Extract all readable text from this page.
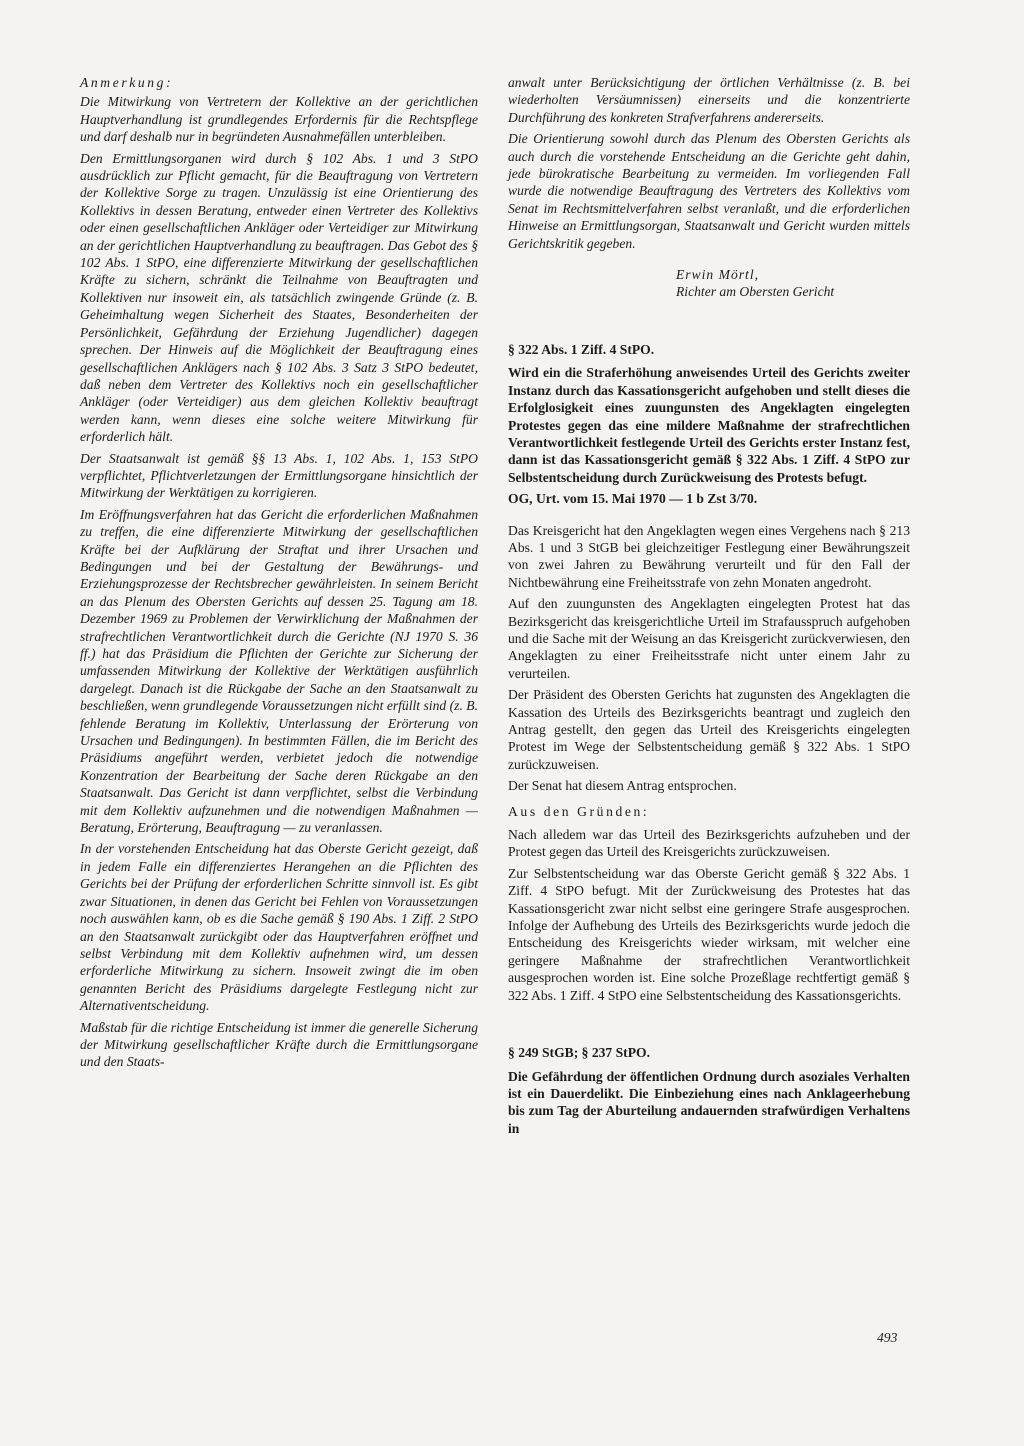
Anmerkung:

Die Mitwirkung von Vertretern der Kollektive an der gerichtlichen Hauptverhandlung ist grundlegendes Erfordernis für die Rechtspflege und darf deshalb nur in begründeten Ausnahmefällen unterbleiben.

Den Ermittlungsorganen wird durch § 102 Abs. 1 und 3 StPO ausdrücklich zur Pflicht gemacht, für die Beauftragung von Vertretern der Kollektive Sorge zu tragen. Unzulässig ist eine Orientierung des Kollektivs in dessen Beratung, entweder einen Vertreter des Kollektivs oder einen gesellschaftlichen Ankläger oder Verteidiger zur Mitwirkung an der gerichtlichen Hauptverhandlung zu beauftragen. Das Gebot des § 102 Abs. 1 StPO, eine differenzierte Mitwirkung der gesellschaftlichen Kräfte zu sichern, schränkt die Teilnahme von Beauftragten und Kollektiven nur insoweit ein, als tatsächlich zwingende Gründe (z. B. Geheimhaltung wegen Sicherheit des Staates, Besonderheiten der Persönlichkeit, Gefährdung der Erziehung Jugendlicher) dagegen sprechen. Der Hinweis auf die Möglichkeit der Beauftragung eines gesellschaftlichen Anklägers nach § 102 Abs. 3 Satz 3 StPO bedeutet, daß neben dem Vertreter des Kollektivs noch ein gesellschaftlicher Ankläger (oder Verteidiger) aus dem gleichen Kollektiv beauftragt werden kann, wenn dieses eine solche weitere Mitwirkung für erforderlich hält.

Der Staatsanwalt ist gemäß §§ 13 Abs. 1, 102 Abs. 1, 153 StPO verpflichtet, Pflichtverletzungen der Ermittlungsorgane hinsichtlich der Mitwirkung der Werktätigen zu korrigieren.

Im Eröffnungsverfahren hat das Gericht die erforderlichen Maßnahmen zu treffen, die eine differenzierte Mitwirkung der gesellschaftlichen Kräfte bei der Aufklärung der Straftat und ihrer Ursachen und Bedingungen und bei der Gestaltung der Bewährungs- und Erziehungsprozesse der Rechtsbrecher gewährleisten. In seinem Bericht an das Plenum des Obersten Gerichts auf dessen 25. Tagung am 18. Dezember 1969 zu Problemen der Verwirklichung der Maßnahmen der strafrechtlichen Verantwortlichkeit durch die Gerichte (NJ 1970 S. 36 ff.) hat das Präsidium die Pflichten der Gerichte zur Sicherung der umfassenden Mitwirkung der Kollektive der Werktätigen ausführlich dargelegt. Danach ist die Rückgabe der Sache an den Staatsanwalt zu beschließen, wenn grundlegende Voraussetzungen nicht erfüllt sind (z. B. fehlende Beratung im Kollektiv, Unterlassung der Erörterung von Ursachen und Bedingungen). In bestimmten Fällen, die im Bericht des Präsidiums angeführt werden, verbietet jedoch die notwendige Konzentration der Bearbeitung der Sache deren Rückgabe an den Staatsanwalt. Das Gericht ist dann verpflichtet, selbst die Verbindung mit dem Kollektiv aufzunehmen und die notwendigen Maßnahmen — Beratung, Erörterung, Beauftragung — zu veranlassen.

In der vorstehenden Entscheidung hat das Oberste Gericht gezeigt, daß in jedem Falle ein differenziertes Herangehen an die Pflichten des Gerichts bei der Prüfung der erforderlichen Schritte sinnvoll ist. Es gibt zwar Situationen, in denen das Gericht bei Fehlen von Voraussetzungen noch auswählen kann, ob es die Sache gemäß § 190 Abs. 1 Ziff. 2 StPO an den Staatsanwalt zurückgibt oder das Hauptverfahren eröffnet und selbst Verbindung mit dem Kollektiv aufnehmen wird, um dessen erforderliche Mitwirkung zu sichern. Insoweit zwingt die im oben genannten Bericht des Präsidiums dargelegte Festlegung nicht zur Alternativentscheidung.

Maßstab für die richtige Entscheidung ist immer die generelle Sicherung der Mitwirkung gesellschaftlicher Kräfte durch die Ermittlungsorgane und den Staats-

anwalt unter Berücksichtigung der örtlichen Verhältnisse (z. B. bei wiederholten Versäumnissen) einerseits und die konzentrierte Durchführung des konkreten Strafverfahrens andererseits.

Die Orientierung sowohl durch das Plenum des Obersten Gerichts als auch durch die vorstehende Entscheidung an die Gerichte geht dahin, jede bürokratische Bearbeitung zu vermeiden. Im vorliegenden Fall wurde die notwendige Beauftragung des Vertreters des Kollektivs vom Senat im Rechtsmittelverfahren selbst veranlaßt, und die erforderlichen Hinweise an Ermittlungsorgan, Staatsanwalt und Gericht wurden mittels Gerichtskritik gegeben.

Erwin Mörtl,

Richter am Obersten Gericht

§ 322 Abs. 1 Ziff. 4 StPO.

Wird ein die Straferhöhung anweisendes Urteil des Gerichts zweiter Instanz durch das Kassationsgericht aufgehoben und stellt dieses die Erfolglosigkeit eines zuungunsten des Angeklagten eingelegten Protestes gegen das eine mildere Maßnahme der strafrechtlichen Verantwortlichkeit festlegende Urteil des Gerichts erster Instanz fest, dann ist das Kassationsgericht gemäß § 322 Abs. 1 Ziff. 4 StPO zur Selbstentscheidung durch Zurückweisung des Protests befugt.

OG, Urt. vom 15. Mai 1970 — 1 b Zst 3/70.

Das Kreisgericht hat den Angeklagten wegen eines Vergehens nach § 213 Abs. 1 und 3 StGB bei gleichzeitiger Festlegung einer Bewährungszeit von zwei Jahren zu Bewährung verurteilt und für den Fall der Nichtbewährung eine Freiheitsstrafe von zehn Monaten angedroht.

Auf den zuungunsten des Angeklagten eingelegten Protest hat das Bezirksgericht das kreisgerichtliche Urteil im Strafausspruch aufgehoben und die Sache mit der Weisung an das Kreisgericht zurückverwiesen, den Angeklagten zu einer Freiheitsstrafe nicht unter einem Jahr zu verurteilen.

Der Präsident des Obersten Gerichts hat zugunsten des Angeklagten die Kassation des Urteils des Bezirksgerichts beantragt und zugleich den Antrag gestellt, den gegen das Urteil des Kreisgerichts eingelegten Protest im Wege der Selbstentscheidung gemäß § 322 Abs. 1 StPO zurückzuweisen.

Der Senat hat diesem Antrag entsprochen.

Aus den Gründen:

Nach alledem war das Urteil des Bezirksgerichts aufzuheben und der Protest gegen das Urteil des Kreisgerichts zurückzuweisen.

Zur Selbstentscheidung war das Oberste Gericht gemäß § 322 Abs. 1 Ziff. 4 StPO befugt. Mit der Zurückweisung des Protestes hat das Kassationsgericht zwar nicht selbst eine geringere Strafe ausgesprochen. Infolge der Aufhebung des Urteils des Bezirksgerichts wurde jedoch die Entscheidung des Kreisgerichts wieder wirksam, mit welcher eine geringere Maßnahme der strafrechtlichen Verantwortlichkeit ausgesprochen worden ist. Eine solche Prozeßlage rechtfertigt gemäß § 322 Abs. 1 Ziff. 4 StPO eine Selbstentscheidung des Kassationsgerichts.

§ 249 StGB; § 237 StPO.

Die Gefährdung der öffentlichen Ordnung durch asoziales Verhalten ist ein Dauerdelikt. Die Einbeziehung eines nach Anklageerhebung bis zum Tag der Aburteilung andauernden strafwürdigen Verhaltens in

493
